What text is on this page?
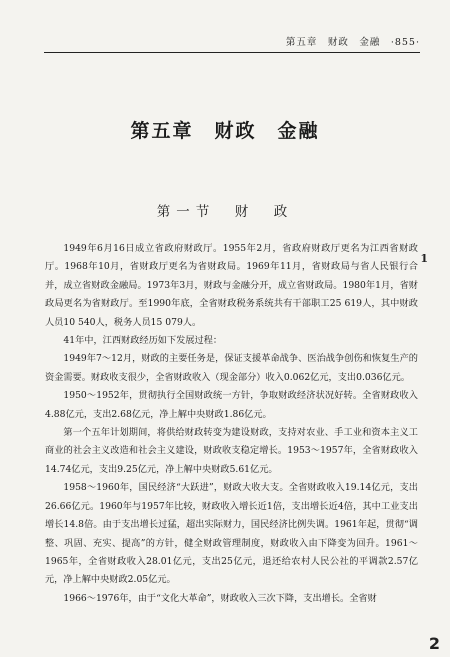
第五章　财政　金融　·855·
第五章　财政　金融
第一节　财　政

1949年6月16日成立省政府财政厅。1955年2月，省政府财政厅更名为江西省财政厅。1968年10月，省财政厅更名为省财政局。1969年11月，省财政局与省人民银行合并，成立省财政金融局。1973年3月，财政与金融分开，成立省财政局。1980年1月，省财政局更名为省财政厅。至1990年底，全省财政税务系统共有干部职工25 619人，其中财政人员10 540人，税务人员15 079人。

41年中，江西财政经历如下发展过程：

1949年7～12月，财政的主要任务是，保证支援革命战争、医治战争创伤和恢复生产的资金需要。财政收支很少，全省财政收入（现金部分）收入0.062亿元，支出0.036亿元。

1950～1952年，贯彻执行全国财政统一方针，争取财政经济状况好转。全省财政收入4.88亿元，支出2.68亿元，净上解中央财政1.86亿元。

第一个五年计划期间，将供给财政转变为建设财政，支持对农业、手工业和资本主义工商业的社会主义改造和社会主义建设，财政收支稳定增长。1953～1957年，全省财政收入14.74亿元，支出9.25亿元，净上解中央财政5.61亿元。

1958～1960年，国民经济“大跃进”，财政大收大支。全省财政收入19.14亿元，支出26.66亿元。1960年与1957年比较，财政收入增长近1倍，支出增长近4倍，其中工业支出增长14.8倍。由于支出增长过猛，超出实际财力，国民经济比例失调。1961年起，贯彻“调整、巩固、充实、提高”的方针，健全财政管理制度，财政收入由下降变为回升。1961～1965年，全省财政收入28.01亿元，支出25亿元，退还给农村人民公社的平调款2.57亿元，净上解中央财政2.05亿元。

1966～1976年，由于“文化大革命”，财政收入三次下降，支出增长。全省财

1
2
